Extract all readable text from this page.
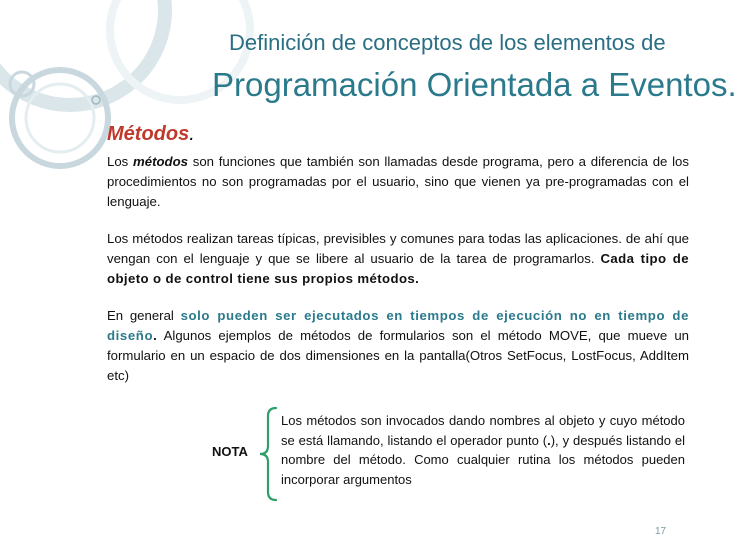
Definición de conceptos de los elementos de
Programación Orientada a Eventos.
Métodos.

Los métodos son funciones que también son llamadas desde programa, pero a diferencia de los procedimientos no son programadas por el usuario, sino que vienen ya pre-programadas con el lenguaje.

Los métodos realizan tareas típicas, previsibles y comunes para todas las aplicaciones. de ahí que vengan con el lenguaje y que se libere al usuario de la tarea de programarlos. Cada tipo de objeto o de control tiene sus propios métodos.

En general solo pueden ser ejecutados en tiempos de ejecución no en tiempo de diseño. Algunos ejemplos de métodos de formularios son el método MOVE, que mueve un formulario en un espacio de dos dimensiones en la pantalla(Otros SetFocus, LostFocus, AddItem etc)

NOTA

Los métodos son invocados dando nombres al objeto y cuyo método se está llamando, listando el operador punto (.), y después listando el nombre del método. Como cualquier rutina los métodos pueden incorporar argumentos

17
